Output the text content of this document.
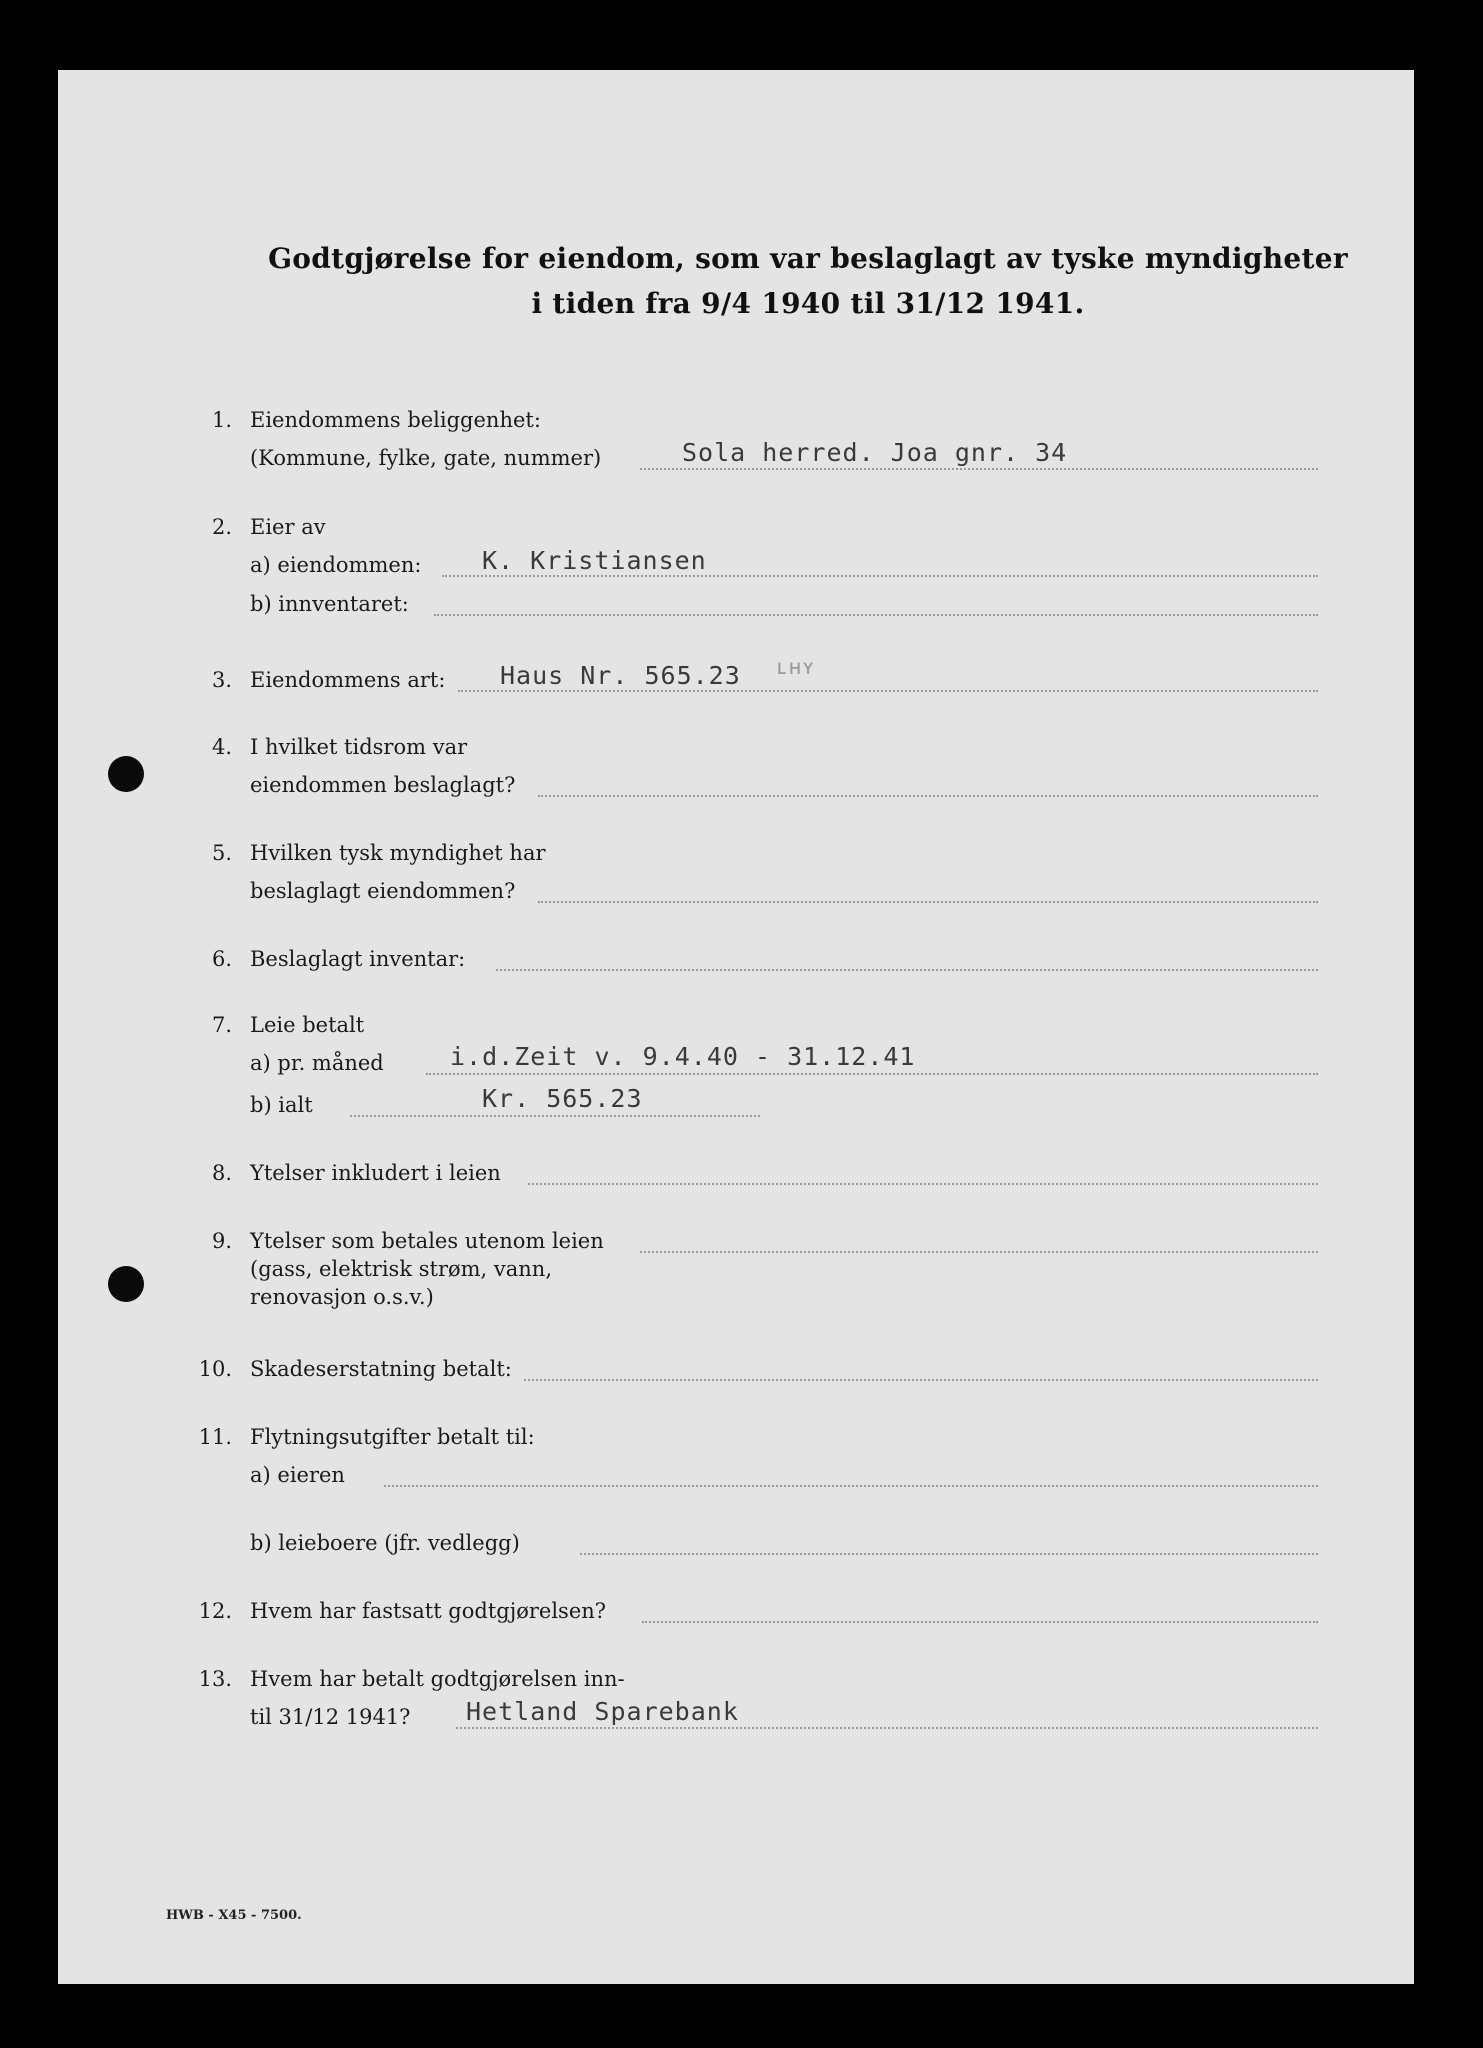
Godtgjørelse for eiendom, som var beslaglagt av tyske myndigheter
i tiden fra 9/4 1940 til 31/12 1941.
1. Eiendommens beliggenhet:
(Kommune, fylke, gate, nummer)	Sola herred. Joa gnr. 34
2. Eier av
a) eiendommen: K. Kristiansen
b) innventaret:
3. Eiendommens art: Haus Nr. 565.23 ʟʜʏ
4. I hvilket tidsrom var
eiendommen beslaglagt?
5. Hvilken tysk myndighet har
beslaglagt eiendommen?
6. Beslaglagt inventar:
7. Leie betalt
a) pr. måned	i.d.Zeit v. 9.4.40 - 31.12.41
b) ialt	Kr. 565.23
8. Ytelser inkludert i leien
9. Ytelser som betales utenom leien
(gass, elektrisk strøm, vann,
renovasjon o.s.v.)
10. Skadeserstatning betalt:
11. Flytningsutgifter betalt til:
a) eieren
b) leieboere (jfr. vedlegg)
12. Hvem har fastsatt godtgjørelsen?
13. Hvem har betalt godtgjørelsen inn-
til 31/12 1941? Hetland Sparebank
HWB - X45 - 7500.
